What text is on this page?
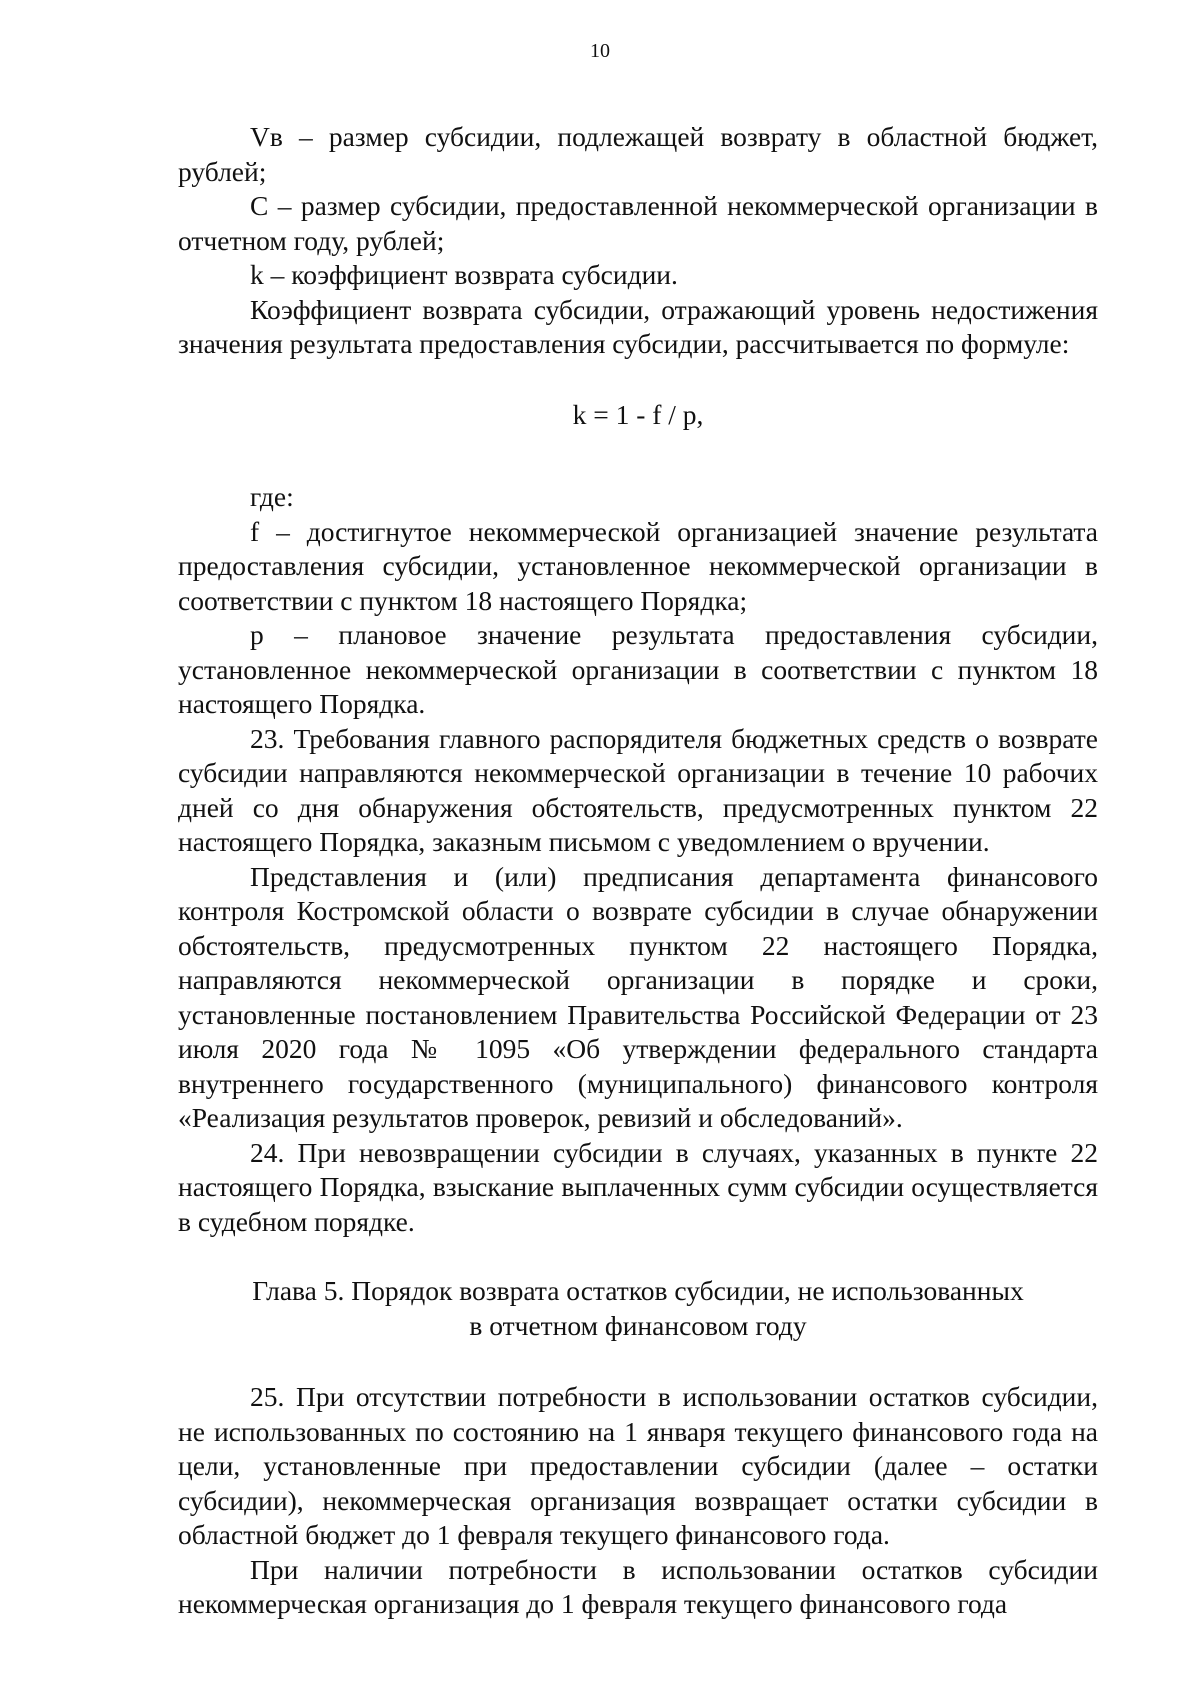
10

Vв – размер субсидии, подлежащей возврату в областной бюджет, рублей;

С – размер субсидии, предоставленной некоммерческой организации в отчетном году, рублей;

k – коэффициент возврата субсидии.

Коэффициент возврата субсидии, отражающий уровень недостижения значения результата предоставления субсидии, рассчитывается по формуле:

k = 1 - f / p,

где:

f – достигнутое некоммерческой организацией значение результата предоставления субсидии, установленное некоммерческой организации в соответствии с пунктом 18 настоящего Порядка;

р – плановое значение результата предоставления субсидии, установленное некоммерческой организации в соответствии с пунктом 18 настоящего Порядка.

23. Требования главного распорядителя бюджетных средств о возврате субсидии направляются некоммерческой организации в течение 10 рабочих дней со дня обнаружения обстоятельств, предусмотренных пунктом 22 настоящего Порядка, заказным письмом с уведомлением о вручении.

Представления и (или) предписания департамента финансового контроля Костромской области о возврате субсидии в случае обнаружении обстоятельств, предусмотренных пунктом 22 настоящего Порядка, направляются некоммерческой организации в порядке и сроки, установленные постановлением Правительства Российской Федерации от 23 июля 2020 года № 1095 «Об утверждении федерального стандарта внутреннего государственного (муниципального) финансового контроля «Реализация результатов проверок, ревизий и обследований».

24. При невозвращении субсидии в случаях, указанных в пункте 22 настоящего Порядка, взыскание выплаченных сумм субсидии осуществляется в судебном порядке.

Глава 5. Порядок возврата остатков субсидии, не использованных
в отчетном финансовом году

25. При отсутствии потребности в использовании остатков субсидии, не использованных по состоянию на 1 января текущего финансового года на цели, установленные при предоставлении субсидии (далее – остатки субсидии), некоммерческая организация возвращает остатки субсидии в областной бюджет до 1 февраля текущего финансового года.

При наличии потребности в использовании остатков субсидии некоммерческая организация до 1 февраля текущего финансового года
